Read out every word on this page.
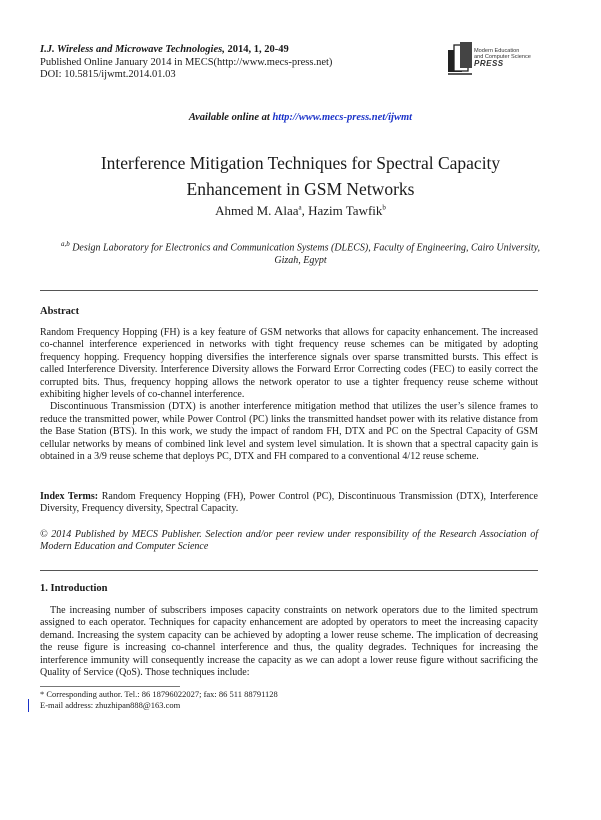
I.J. Wireless and Microwave Technologies, 2014, 1, 20-49
Published Online January 2014 in MECS(http://www.mecs-press.net)
DOI: 10.5815/ijwmt.2014.01.03
Modern Education
and Computer Science
PRESS
Available online at http://www.mecs-press.net/ijwmt
Interference Mitigation Techniques for Spectral Capacity
Enhancement in GSM Networks
Ahmed M. Alaa$^a$, Hazim Tawfik$^b$
$^{a,b}$ Design Laboratory for Electronics and Communication Systems (DLECS), Faculty of Engineering, Cairo University, Gizah, Egypt
Abstract

Random Frequency Hopping (FH) is a key feature of GSM networks that allows for capacity enhancement. The increased co-channel interference experienced in networks with tight frequency reuse schemes can be mitigated by adopting frequency hopping. Frequency hopping diversifies the interference signals over sparse transmitted bursts. This effect is called Interference Diversity. Interference Diversity allows the Forward Error Correcting codes (FEC) to easily correct the corrupted bits. Thus, frequency hopping allows the network operator to use a tighter frequency reuse scheme without exhibiting higher levels of co-channel interference.

Discontinuous Transmission (DTX) is another interference mitigation method that utilizes the user’s silence frames to reduce the transmitted power, while Power Control (PC) links the transmitted handset power with its relative distance from the Base Station (BTS). In this work, we study the impact of random FH, DTX and PC on the Spectral Capacity of GSM cellular networks by means of combined link level and system level simulation. It is shown that a spectral capacity gain is obtained in a 3/9 reuse scheme that deploys PC, DTX and FH compared to a conventional 4/12 reuse scheme.

Index Terms: Random Frequency Hopping (FH), Power Control (PC), Discontinuous Transmission (DTX), Interference Diversity, Frequency diversity, Spectral Capacity.

© 2014 Published by MECS Publisher. Selection and/or peer review under responsibility of the Research Association of Modern Education and Computer Science
1. Introduction

The increasing number of subscribers imposes capacity constraints on network operators due to the limited spectrum assigned to each operator. Techniques for capacity enhancement are adopted by operators to meet the increasing capacity demand. Increasing the system capacity can be achieved by adopting a lower reuse scheme. The implication of decreasing the reuse figure is increasing co-channel interference and thus, the quality degrades. Techniques for increasing the interference immunity will consequently increase the capacity as we can adopt a lower reuse figure without sacrificing the Quality of Service (QoS). Those techniques include:

* Corresponding author. Tel.: 86 18796022027; fax: 86 511 88791128
E-mail address: zhuzhipan888@163.com
